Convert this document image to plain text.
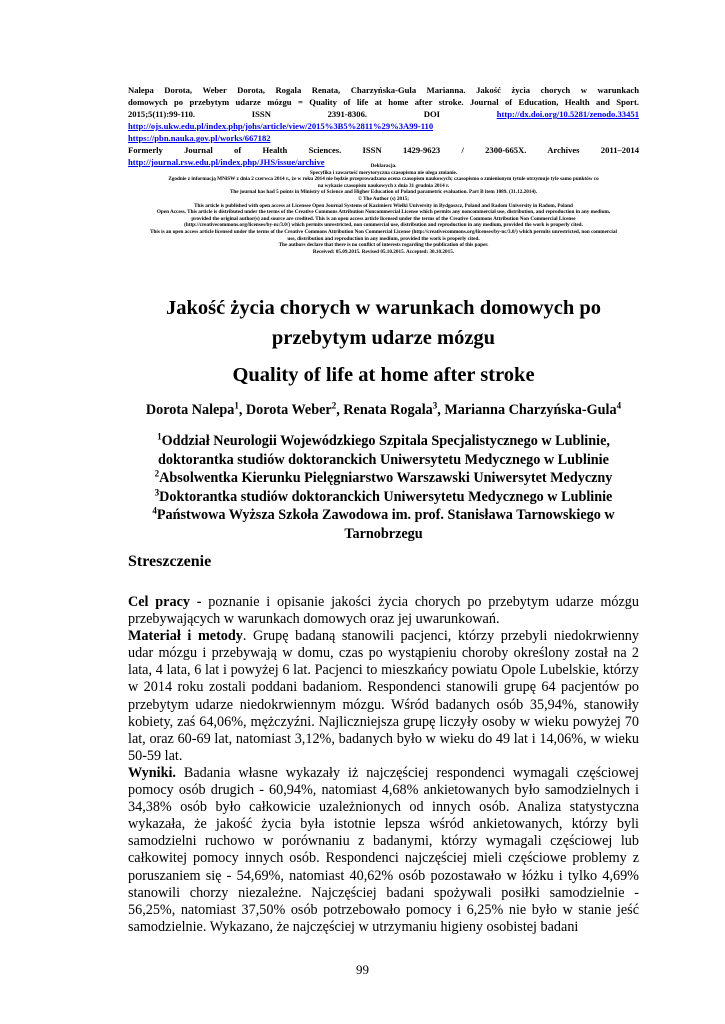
Nalepa Dorota, Weber Dorota, Rogala Renata, Charzyńska-Gula Marianna. Jakość życia chorych w warunkach
domowych po przebytym udarze mózgu = Quality of life at home after stroke. Journal of Education, Health and Sport.
2015;5(11):99-110. ISSN 2391-8306. DOI http://dx.doi.org/10.5281/zenodo.33451
http://ojs.ukw.edu.pl/index.php/johs/article/view/2015%3B5%2811%29%3A99-110
https://pbn.nauka.gov.pl/works/667182
Formerly Journal of Health Sciences. ISSN 1429-9623 / 2300-665X. Archives 2011–2014
http://journal.rsw.edu.pl/index.php/JHS/issue/archive	Deklaracja.
Specyfika i zawartość merytoryczna czasopisma nie ulega zmianie.
Zgodnie z informacją MNiSW z dnia 2 czerwca 2014 r., że w roku 2014 nie będzie przeprowadzana ocena czasopism naukowych; czasopismo o zmienionym tytule otrzymuje tyle samo punktów co
na wykazie czasopism naukowych z dnia 31 grudnia 2014 r.
The journal has had 5 points in Ministry of Science and Higher Education of Poland parametric evaluation. Part B item 1089. (31.12.2014).
© The Author (s) 2015;
This article is published with open access at Licensee Open Journal Systems of Kazimierz Wielki University in Bydgoszcz, Poland and Radom University in Radom, Poland
Open Access. This article is distributed under the terms of the Creative Commons Attribution Noncommercial License which permits any noncommercial use, distribution, and reproduction in any medium,
provided the original author(s) and source are credited. This is an open access article licensed under the terms of the Creative Commons Attribution Non Commercial License
(http://creativecommons.org/licenses/by-nc/3.0/) which permits unrestricted, non commercial use, distribution and reproduction in any medium, provided the work is properly cited.
This is an open access article licensed under the terms of the Creative Commons Attribution Non Commercial License (http://creativecommons.org/licenses/by-nc/3.0/) which permits unrestricted, non commercial
use, distribution and reproduction in any medium, provided the work is properly cited.
The authors declare that there is no conflict of interests regarding the publication of this paper.
Received: 05.09.2015. Revised 05.10.2015. Accepted: 30.10.2015.
Jakość życia chorych w warunkach domowych po przebytym udarze mózgu
Quality of life at home after stroke
Dorota Nalepa$^1$, Dorota Weber$^2$, Renata Rogala$^3$, Marianna Charzyńska-Gula$^4$
$^1$Oddział Neurologii Wojewódzkiego Szpitala Specjalistycznego w Lublinie,
doktorantka studiów doktoranckich Uniwersytetu Medycznego w Lublinie
$^2$Absolwentka Kierunku Pielęgniarstwo Warszawski Uniwersytet Medyczny
$^3$Doktorantka studiów doktoranckich Uniwersytetu Medycznego w Lublinie
$^4$Państwowa Wyższa Szkoła Zawodowa im. prof. Stanisława Tarnowskiego w
Tarnobrzegu
Streszczenie

Cel pracy - poznanie i opisanie jakości życia chorych po przebytym udarze mózgu przebywających w warunkach domowych oraz jej uwarunkowań.

Materiał i metody. Grupę badaną stanowili pacjenci, którzy przebyli niedokrwienny udar mózgu i przebywają w domu, czas po wystąpieniu choroby określony został na 2 lata, 4 lata, 6 lat i powyżej 6 lat. Pacjenci to mieszkańcy powiatu Opole Lubelskie, którzy w 2014 roku zostali poddani badaniom. Respondenci stanowili grupę 64 pacjentów po przebytym udarze niedokrwiennym mózgu. Wśród badanych osób 35,94%, stanowiły kobiety, zaś 64,06%, mężczyźni. Najliczniejsza grupę liczyły osoby w wieku powyżej 70 lat, oraz 60-69 lat, natomiast 3,12%, badanych było w wieku do 49 lat i 14,06%, w wieku 50-59 lat.

Wyniki. Badania własne wykazały iż najczęściej respondenci wymagali częściowej pomocy osób drugich - 60,94%, natomiast 4,68% ankietowanych było samodzielnych i 34,38% osób było całkowicie uzależnionych od innych osób. Analiza statystyczna wykazała, że jakość życia była istotnie lepsza wśród ankietowanych, którzy byli samodzielni ruchowo w porównaniu z badanymi, którzy wymagali częściowej lub całkowitej pomocy innych osób. Respondenci najczęściej mieli częściowe problemy z poruszaniem się - 54,69%, natomiast 40,62% osób pozostawało w łóżku i tylko 4,69% stanowili chorzy niezależne. Najczęściej badani spożywali posiłki samodzielnie - 56,25%, natomiast 37,50% osób potrzebowało pomocy i 6,25% nie było w stanie jeść samodzielnie. Wykazano, że najczęściej w utrzymaniu higieny osobistej badani

99
